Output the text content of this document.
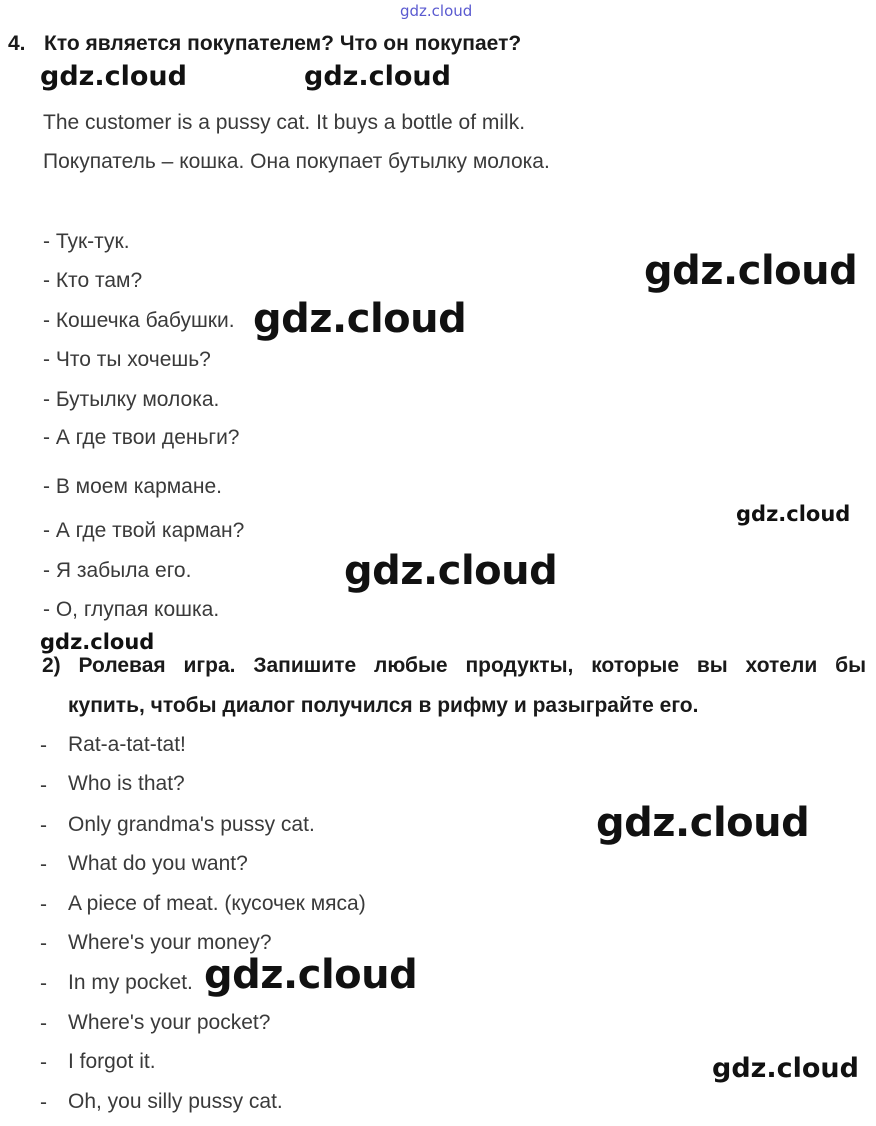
gdz.cloud
4. Кто является покупателем? Что он покупает?
gdz.cloud	gdz.cloud
The customer is a pussy cat. It buys a bottle of milk.
Покупатель – кошка. Она покупает бутылку молока.
- Тук-тук.
- Кто там?
- Кошечка бабушки.
- Что ты хочешь?
- Бутылку молока.
- А где твои деньги?
- В моем кармане.
- А где твой карман?
- Я забыла его.
- О, глупая кошка.
gdz.cloud
gdz.cloud
gdz.cloud
gdz.cloud
gdz.cloud
2) Ролевая игра. Запишите любые продукты, которые вы хотели бы
купить, чтобы диалог получился в рифму и разыграйте его.
- Rat-a-tat-tat!
- Who is that?
- Only grandma's pussy cat.
- What do you want?
- A piece of meat. (кусочек мяса)
- Where's your money?
- In my pocket.
- Where's your pocket?
- I forgot it.
- Oh, you silly pussy cat.
gdz.cloud
gdz.cloud
gdz.cloud
